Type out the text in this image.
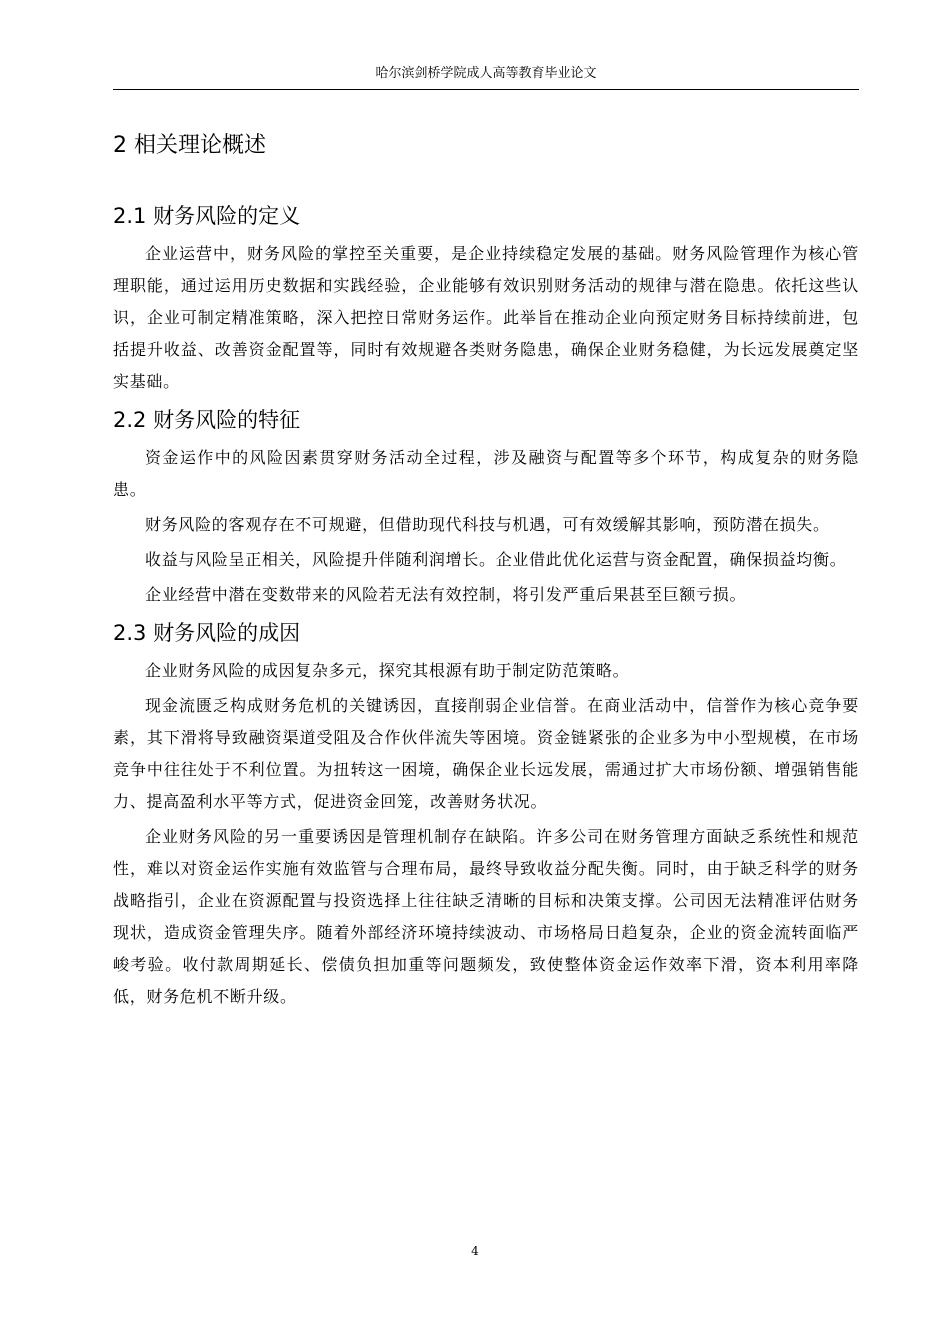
哈尔滨剑桥学院成人高等教育毕业论文
2 相关理论概述
2.1 财务风险的定义

企业运营中，财务风险的掌控至关重要，是企业持续稳定发展的基础。财务风险管理作为核心管理职能，通过运用历史数据和实践经验，企业能够有效识别财务活动的规律与潜在隐患。依托这些认识，企业可制定精准策略，深入把控日常财务运作。此举旨在推动企业向预定财务目标持续前进，包括提升收益、改善资金配置等，同时有效规避各类财务隐患，确保企业财务稳健，为长远发展奠定坚实基础。

2.2 财务风险的特征

资金运作中的风险因素贯穿财务活动全过程，涉及融资与配置等多个环节，构成复杂的财务隐患。

财务风险的客观存在不可规避，但借助现代科技与机遇，可有效缓解其影响，预防潜在损失。

收益与风险呈正相关，风险提升伴随利润增长。企业借此优化运营与资金配置，确保损益均衡。

企业经营中潜在变数带来的风险若无法有效控制，将引发严重后果甚至巨额亏损。

2.3 财务风险的成因

企业财务风险的成因复杂多元，探究其根源有助于制定防范策略。

现金流匮乏构成财务危机的关键诱因，直接削弱企业信誉。在商业活动中，信誉作为核心竞争要素，其下滑将导致融资渠道受阻及合作伙伴流失等困境。资金链紧张的企业多为中小型规模，在市场竞争中往往处于不利位置。为扭转这一困境，确保企业长远发展，需通过扩大市场份额、增强销售能力、提高盈利水平等方式，促进资金回笼，改善财务状况。

企业财务风险的另一重要诱因是管理机制存在缺陷。许多公司在财务管理方面缺乏系统性和规范性，难以对资金运作实施有效监管与合理布局，最终导致收益分配失衡。同时，由于缺乏科学的财务战略指引，企业在资源配置与投资选择上往往缺乏清晰的目标和决策支撑。公司因无法精准评估财务现状，造成资金管理失序。随着外部经济环境持续波动、市场格局日趋复杂，企业的资金流转面临严峻考验。收付款周期延长、偿债负担加重等问题频发，致使整体资金运作效率下滑，资本利用率降低，财务危机不断升级。

4
